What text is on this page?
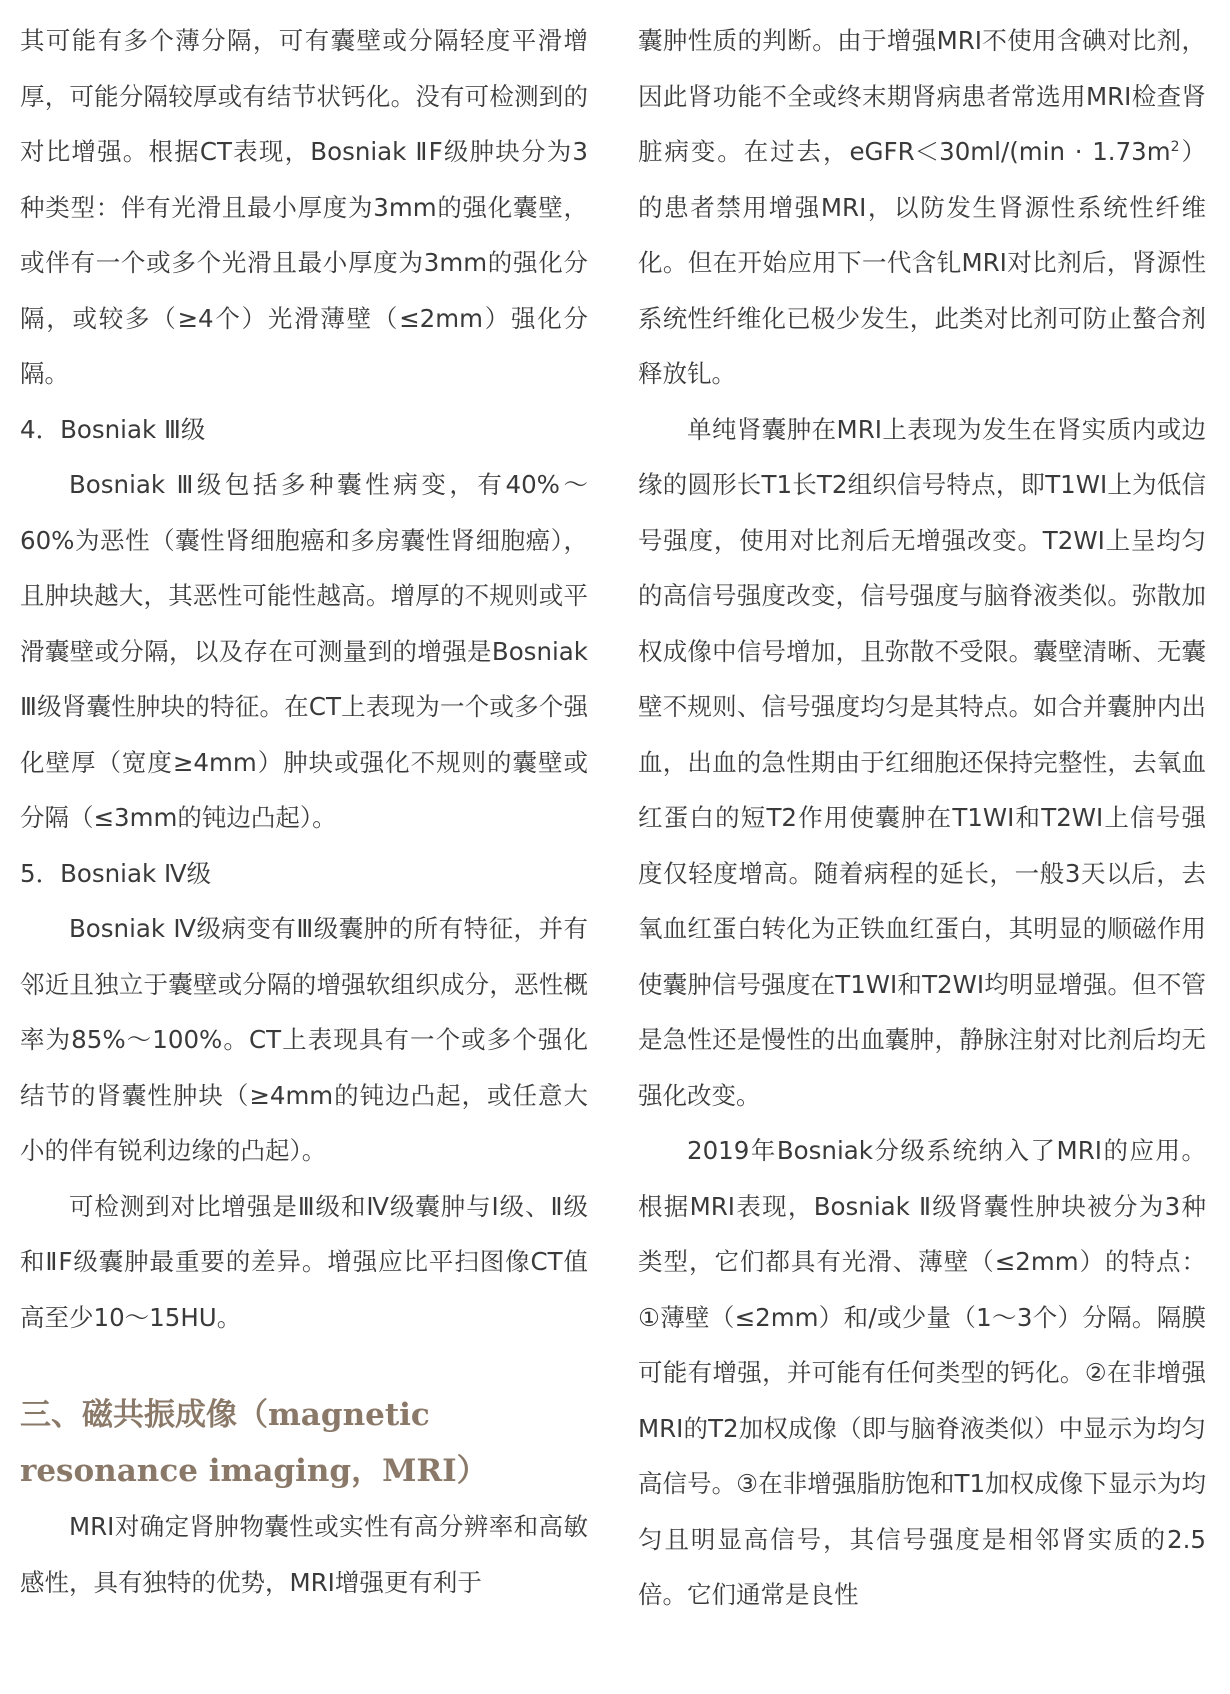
其可能有多个薄分隔，可有囊壁或分隔轻度平滑增厚，可能分隔较厚或有结节状钙化。没有可检测到的对比增强。根据CT表现，Bosniak ⅡF级肿块分为3种类型：伴有光滑且最小厚度为3mm的强化囊壁，或伴有一个或多个光滑且最小厚度为3mm的强化分隔，或较多（≥4个）光滑薄壁（≤2mm）强化分隔。

4．Bosniak Ⅲ级

Bosniak Ⅲ级包括多种囊性病变，有40%～60%为恶性（囊性肾细胞癌和多房囊性肾细胞癌），且肿块越大，其恶性可能性越高。增厚的不规则或平滑囊壁或分隔，以及存在可测量到的增强是Bosniak Ⅲ级肾囊性肿块的特征。在CT上表现为一个或多个强化壁厚（宽度≥4mm）肿块或强化不规则的囊壁或分隔（≤3mm的钝边凸起）。

5．Bosniak Ⅳ级

Bosniak Ⅳ级病变有Ⅲ级囊肿的所有特征，并有邻近且独立于囊壁或分隔的增强软组织成分，恶性概率为85%～100%。CT上表现具有一个或多个强化结节的肾囊性肿块（≥4mm的钝边凸起，或任意大小的伴有锐利边缘的凸起）。

可检测到对比增强是Ⅲ级和Ⅳ级囊肿与Ⅰ级、Ⅱ级和ⅡF级囊肿最重要的差异。增强应比平扫图像CT值高至少10～15HU。

三、磁共振成像（magnetic resonance imaging，MRI）

MRI对确定肾肿物囊性或实性有高分辨率和高敏感性，具有独特的优势，MRI增强更有利于

囊肿性质的判断。由于增强MRI不使用含碘对比剂，因此肾功能不全或终末期肾病患者常选用MRI检查肾脏病变。在过去，eGFR＜30ml/(min · $1.73m^2$）的患者禁用增强MRI，以防发生肾源性系统性纤维化。但在开始应用下一代含钆MRI对比剂后，肾源性系统性纤维化已极少发生，此类对比剂可防止螯合剂释放钆。

单纯肾囊肿在MRI上表现为发生在肾实质内或边缘的圆形长T1长T2组织信号特点，即T1WI上为低信号强度，使用对比剂后无增强改变。T2WI上呈均匀的高信号强度改变，信号强度与脑脊液类似。弥散加权成像中信号增加，且弥散不受限。囊壁清晰、无囊壁不规则、信号强度均匀是其特点。如合并囊肿内出血，出血的急性期由于红细胞还保持完整性，去氧血红蛋白的短T2作用使囊肿在T1WI和T2WI上信号强度仅轻度增高。随着病程的延长，一般3天以后，去氧血红蛋白转化为正铁血红蛋白，其明显的顺磁作用使囊肿信号强度在T1WI和T2WI均明显增强。但不管是急性还是慢性的出血囊肿，静脉注射对比剂后均无强化改变。

2019年Bosniak分级系统纳入了MRI的应用。根据MRI表现，Bosniak Ⅱ级肾囊性肿块被分为3种类型，它们都具有光滑、薄壁（≤2mm）的特点：①薄壁（≤2mm）和/或少量（1～3个）分隔。隔膜可能有增强，并可能有任何类型的钙化。②在非增强MRI的T2加权成像（即与脑脊液类似）中显示为均匀高信号。③在非增强脂肪饱和T1加权成像下显示为均匀且明显高信号，其信号强度是相邻肾实质的2.5倍。它们通常是良性
